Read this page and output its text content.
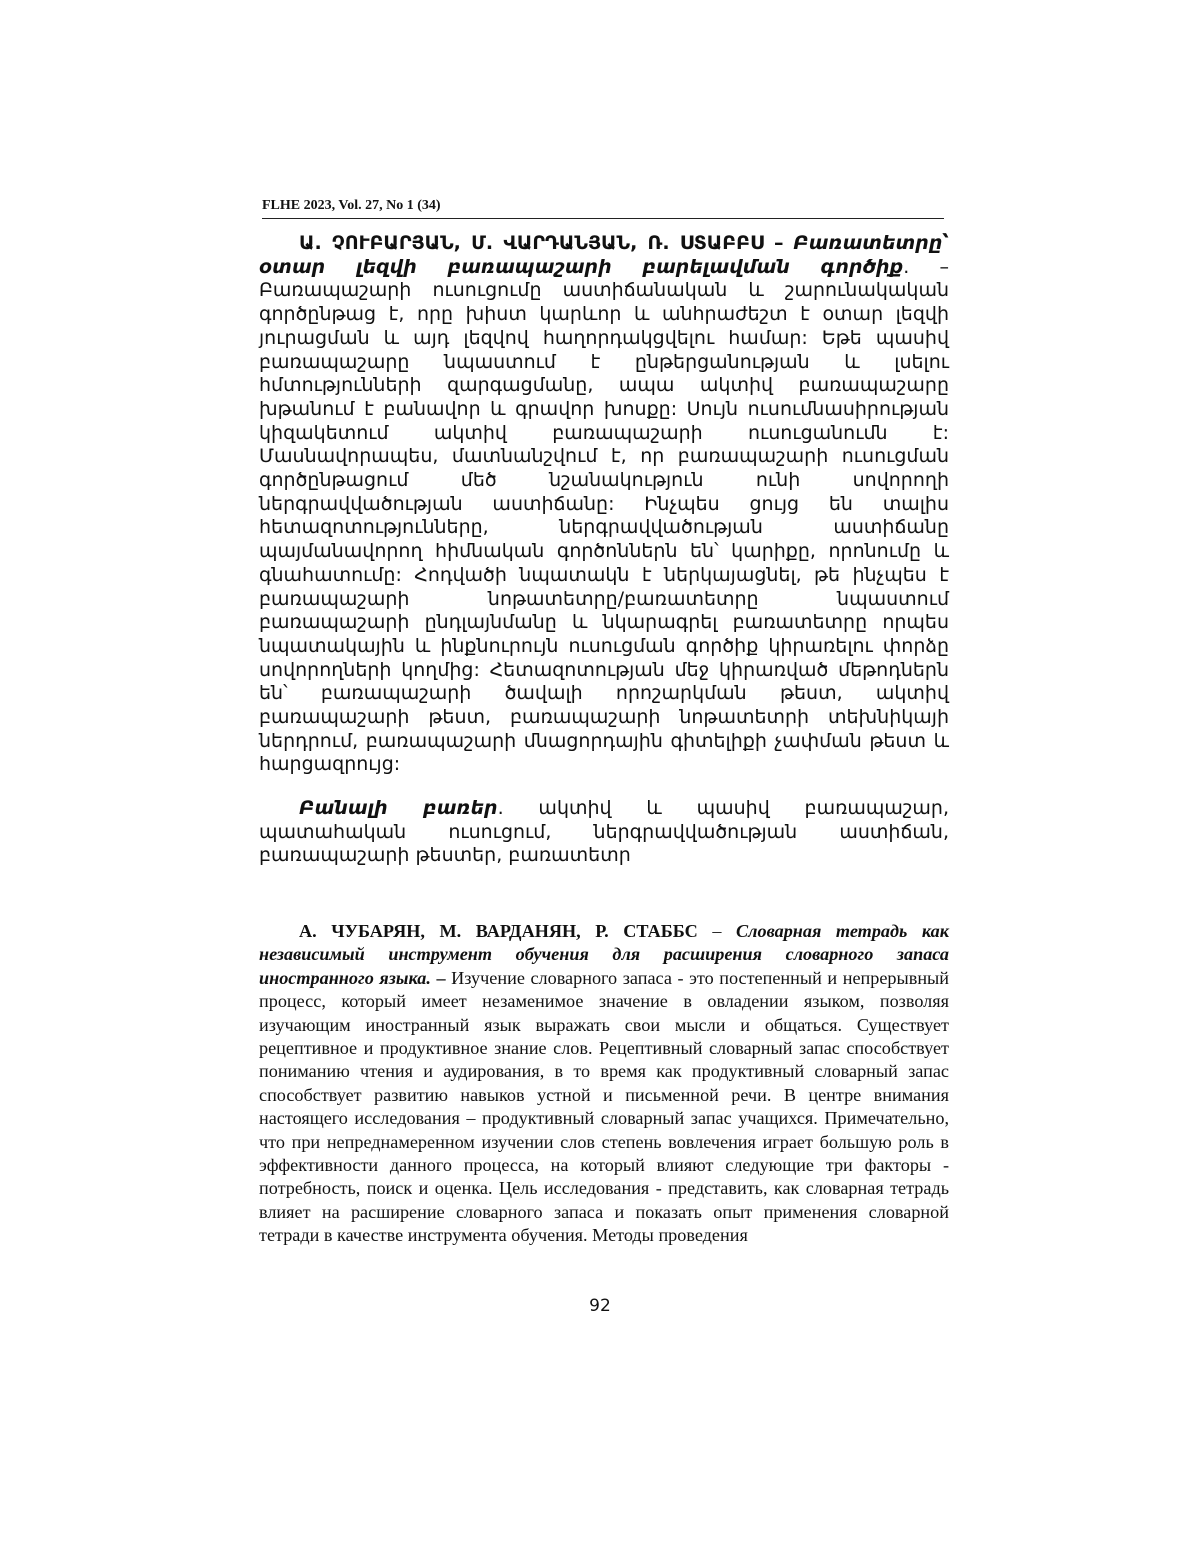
FLHE 2023, Vol. 27, No 1 (34)

Ա. ՉՈՒԲԱՐՅԱՆ, Մ. ՎԱՐԴԱՆՅԱՆ, Ռ. ՍՏԱԲԲՍ – Բառատետրը՝ օտար լեզվի բառապաշարի բարելավման գործիք. – Բառապաշարի ուսուցումը աստիճանական և շարունակական գործընթաց է, որը խիստ կարևոր և անհրաժեշտ է օտար լեզվի յուրացման և այդ լեզվով հաղորդակցվելու համար: Եթե պասիվ բառապաշարը նպաստում է ընթերցանության և լսելու հմտությունների զարգացմանը, ապա ակտիվ բառապաշարը խթանում է բանավոր և գրավոր խոսքը: Սույն ուսումնասիրության կիզակետում ակտիվ բառապաշարի ուսուցանումն է: Մասնավորապես, մատնանշվում է, որ բառապաշարի ուսուցման գործընթացում մեծ նշանակություն ունի սովորողի ներգրավվածության աստիճանը: Ինչպես ցույց են տալիս հետազոտությունները, ներգրավվածության աստիճանը պայմանավորող հիմնական գործոններն են՝ կարիքը, որոնումը և գնահատումը: Հոդվածի նպատակն է ներկայացնել, թե ինչպես է բառապաշարի նոթատետրը/բառատետրը նպաստում բառապաշարի ընդլայնմանը և նկարագրել բառատետրը որպես նպատակային և ինքնուրույն ուսուցման գործիք կիրառելու փորձը սովորողների կողմից: Հետազոտության մեջ կիրառված մեթոդներն են՝ բառապաշարի ծավալի որոշարկման թեստ, ակտիվ բառապաշարի թեստ, բառապաշարի նոթատետրի տեխնիկայի ներդրում, բառապաշարի մնացորդային գիտելիքի չափման թեստ և հարցազրույց:

Բանալի բառեր. ակտիվ և պասիվ բառապաշար, պատահական ուսուցում, ներգրավվածության աստիճան, բառապաշարի թեստեր, բառատետր

А. ЧУБАРЯН, М. ВАРДАНЯН, Р. СТАББС – Словарная тетрадь как независимый инструмент обучения для расширения словарного запаса иностранного языка. – Изучение словарного запаса - это постепенный и непрерывный процесс, который имеет незаменимое значение в овладении языком, позволяя изучающим иностранный язык выражать свои мысли и общаться. Существует рецептивное и продуктивное знание слов. Рецептивный словарный запас способствует пониманию чтения и аудирования, в то время как продуктивный словарный запас способствует развитию навыков устной и письменной речи. В центре внимания настоящего исследования – продуктивный словарный запас учащихся. Примечательно, что при непреднамеренном изучении слов степень вовлечения играет большую роль в эффективности данного процесса, на который влияют следующие три факторы - потребность, поиск и оценка. Цель исследования - представить, как словарная тетрадь влияет на расширение словарного запаса и показать опыт применения словарной тетради в качестве инструмента обучения. Методы проведения

92
